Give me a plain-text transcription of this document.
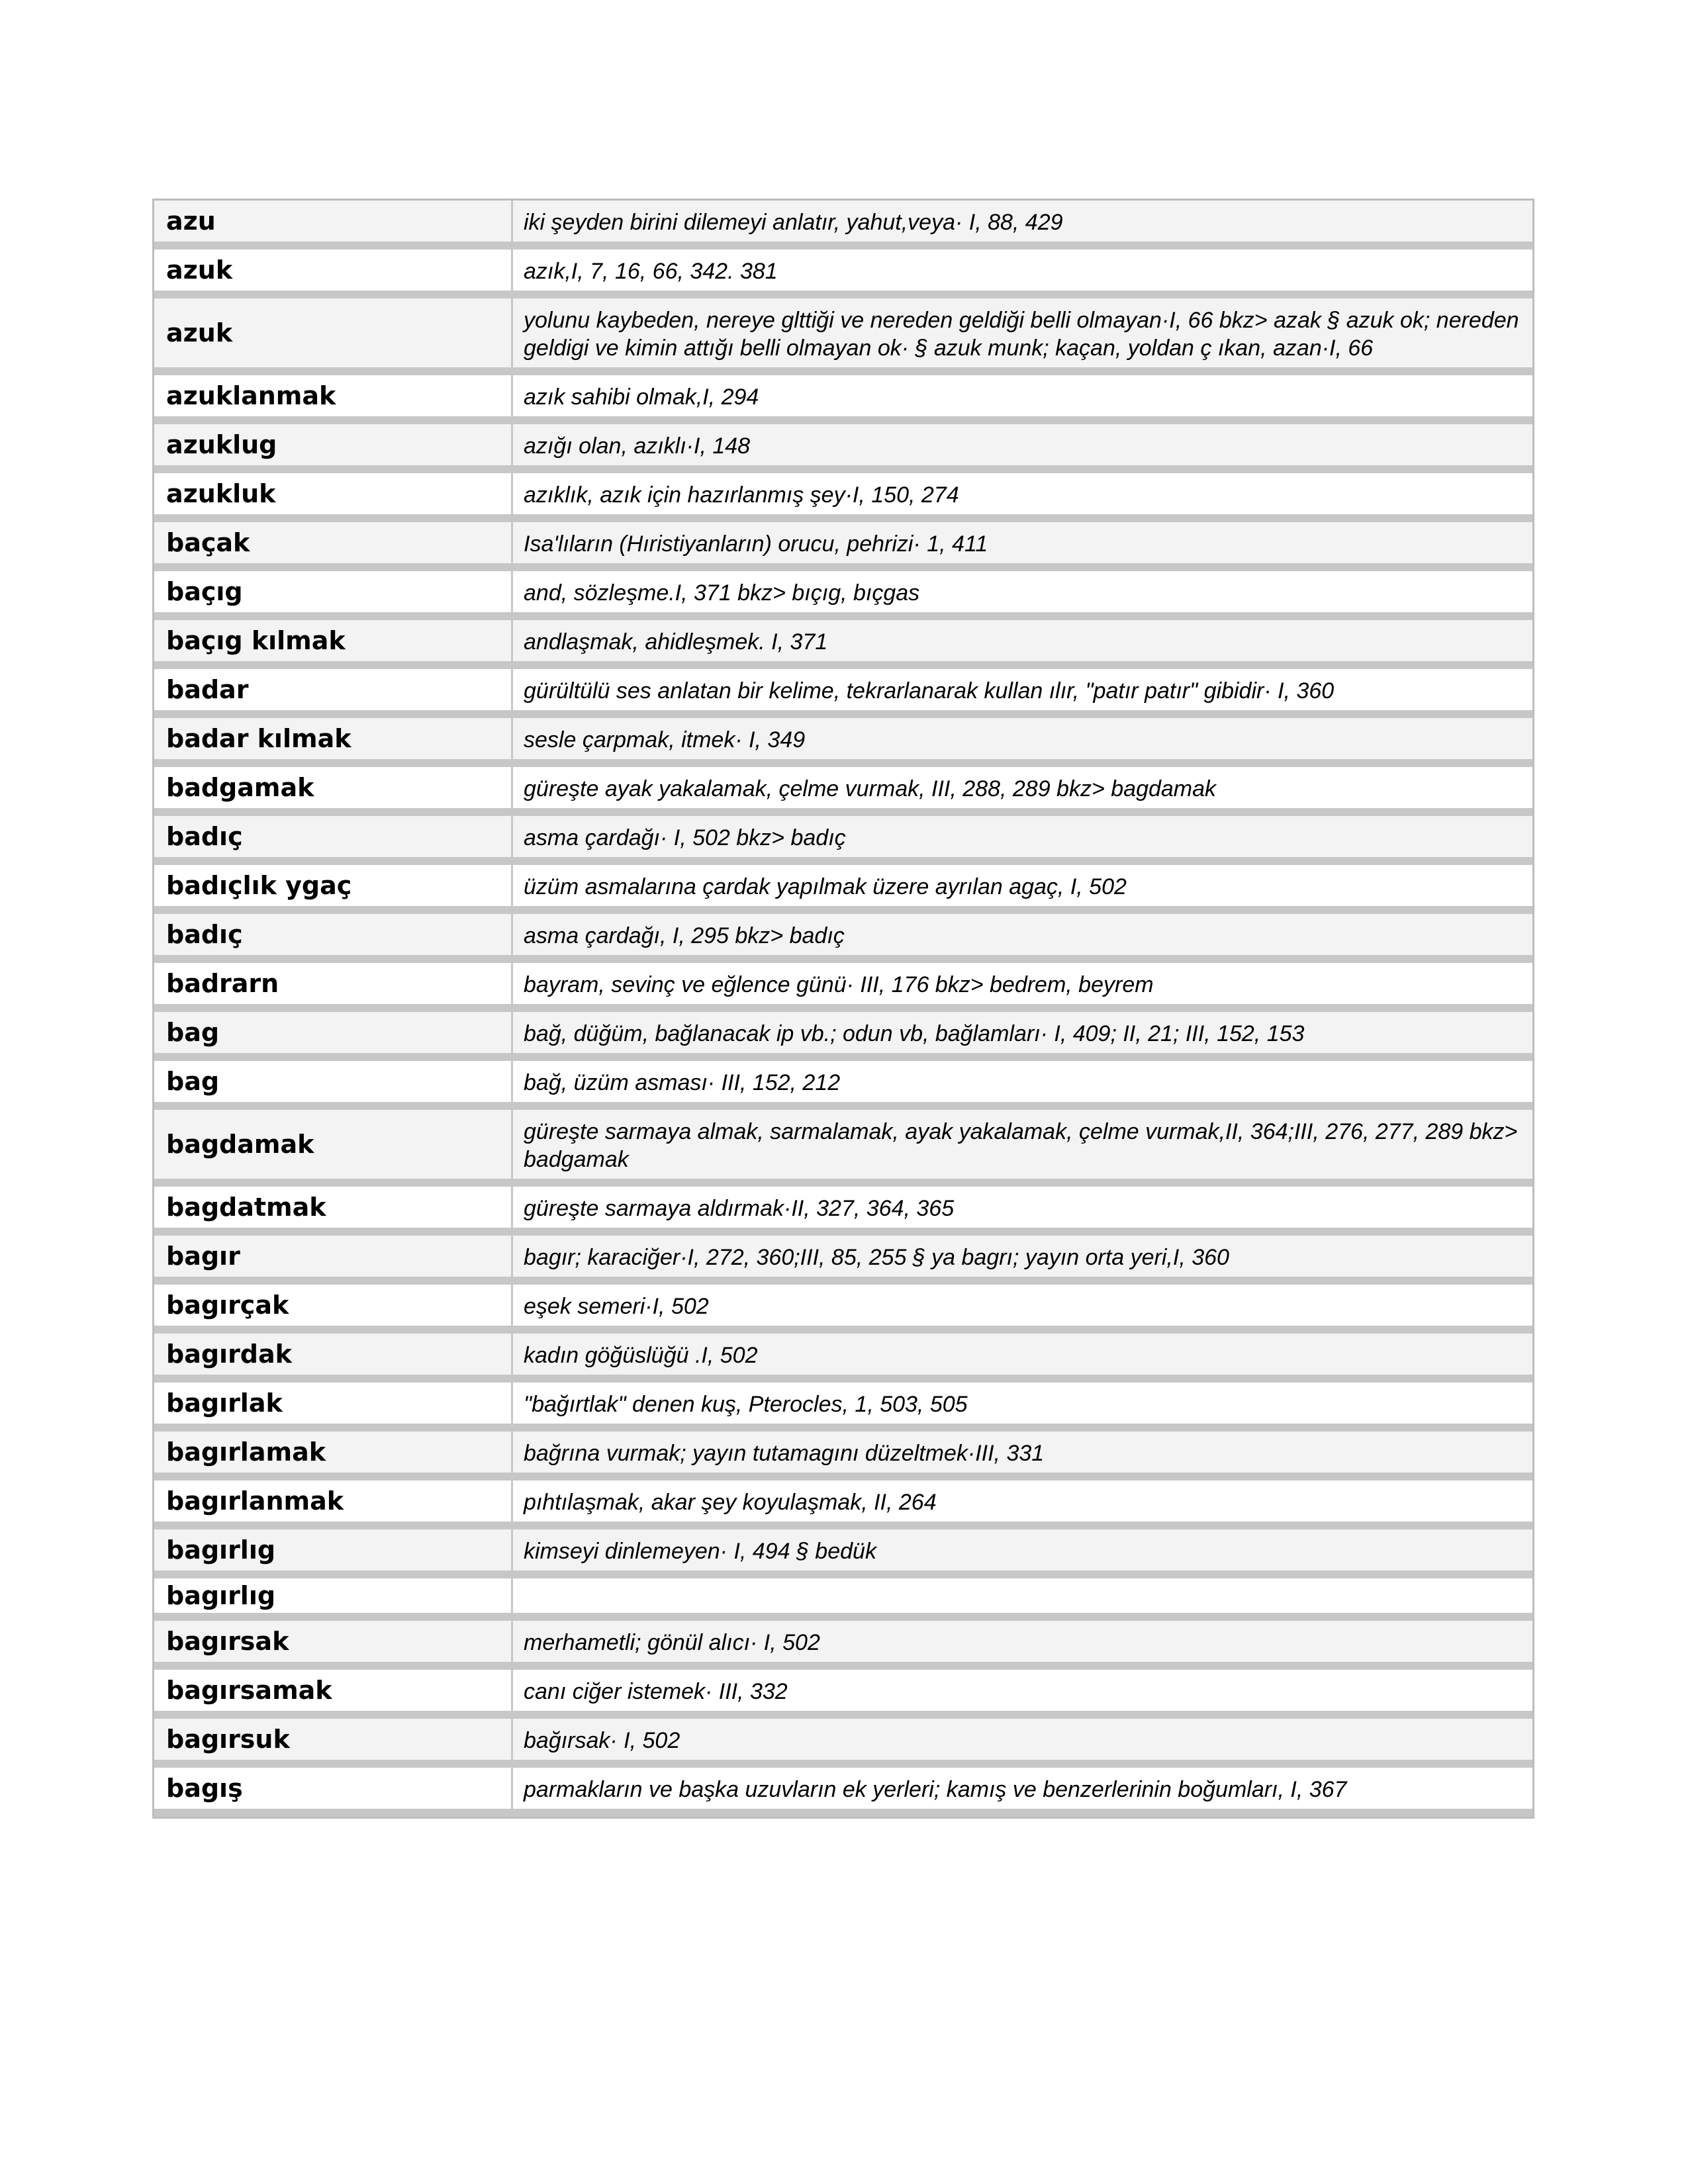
azu	iki şeyden birini dilemeyi anlatır, yahut,veya· I, 88, 429
azuk	azık,I, 7, 16, 66, 342. 381
azuk	yolunu kaybeden, nereye glttiği ve nereden geldiği belli olmayan·I, 66 bkz> azak § azuk ok; nereden geldigi ve kimin attığı belli olmayan ok· § azuk munk; kaçan, yoldan ç ıkan, azan·I, 66
azuklanmak	azık sahibi olmak,I, 294
azuklug	azığı olan, azıklı·I, 148
azukluk	azıklık, azık için hazırlanmış şey·I, 150, 274
baçak	Isa'lıların (Hıristiyanların) orucu, pehrizi· 1, 411
baçıg	and, sözleşme.I, 371 bkz> bıçıg, bıçgas
baçıg kılmak	andlaşmak, ahidleşmek. I, 371
badar	gürültülü ses anlatan bir kelime, tekrarlanarak kullan ılır, "patır patır" gibidir· I, 360
badar kılmak	sesle çarpmak, itmek· I, 349
badgamak	güreşte ayak yakalamak, çelme vurmak, III, 288, 289 bkz> bagdamak
badıç	asma çardağı· I, 502 bkz> badıç
badıçlık ygaç	üzüm asmalarına çardak yapılmak üzere ayrılan agaç, I, 502
badıç	asma çardağı, I, 295 bkz> badıç
badrarn	bayram, sevinç ve eğlence günü· III, 176 bkz> bedrem, beyrem
bag	bağ, düğüm, bağlanacak ip vb.; odun vb, bağlamları· I, 409; II, 21; III, 152, 153
bag	bağ, üzüm asması· III, 152, 212
bagdamak	güreşte sarmaya almak, sarmalamak, ayak yakalamak, çelme vurmak,II, 364;III, 276, 277, 289 bkz> badgamak
bagdatmak	güreşte sarmaya aldırmak·II, 327, 364, 365
bagır	bagır; karaciğer·I, 272, 360;III, 85, 255 § ya bagrı; yayın orta yeri,I, 360
bagırçak	eşek semeri·I, 502
bagırdak	kadın göğüslüğü .I, 502
bagırlak	"bağırtlak" denen kuş, Pterocles, 1, 503, 505
bagırlamak	bağrına vurmak; yayın tutamagını düzeltmek·III, 331
bagırlanmak	pıhtılaşmak, akar şey koyulaşmak, II, 264
bagırlıg	kimseyi dinlemeyen· I, 494 § bedük
bagırlıg
bagırsak	merhametli; gönül alıcı· I, 502
bagırsamak	canı ciğer istemek· III, 332
bagırsuk	bağırsak· I, 502
bagış	parmakların ve başka uzuvların ek yerleri; kamış ve benzerlerinin boğumları, I, 367
